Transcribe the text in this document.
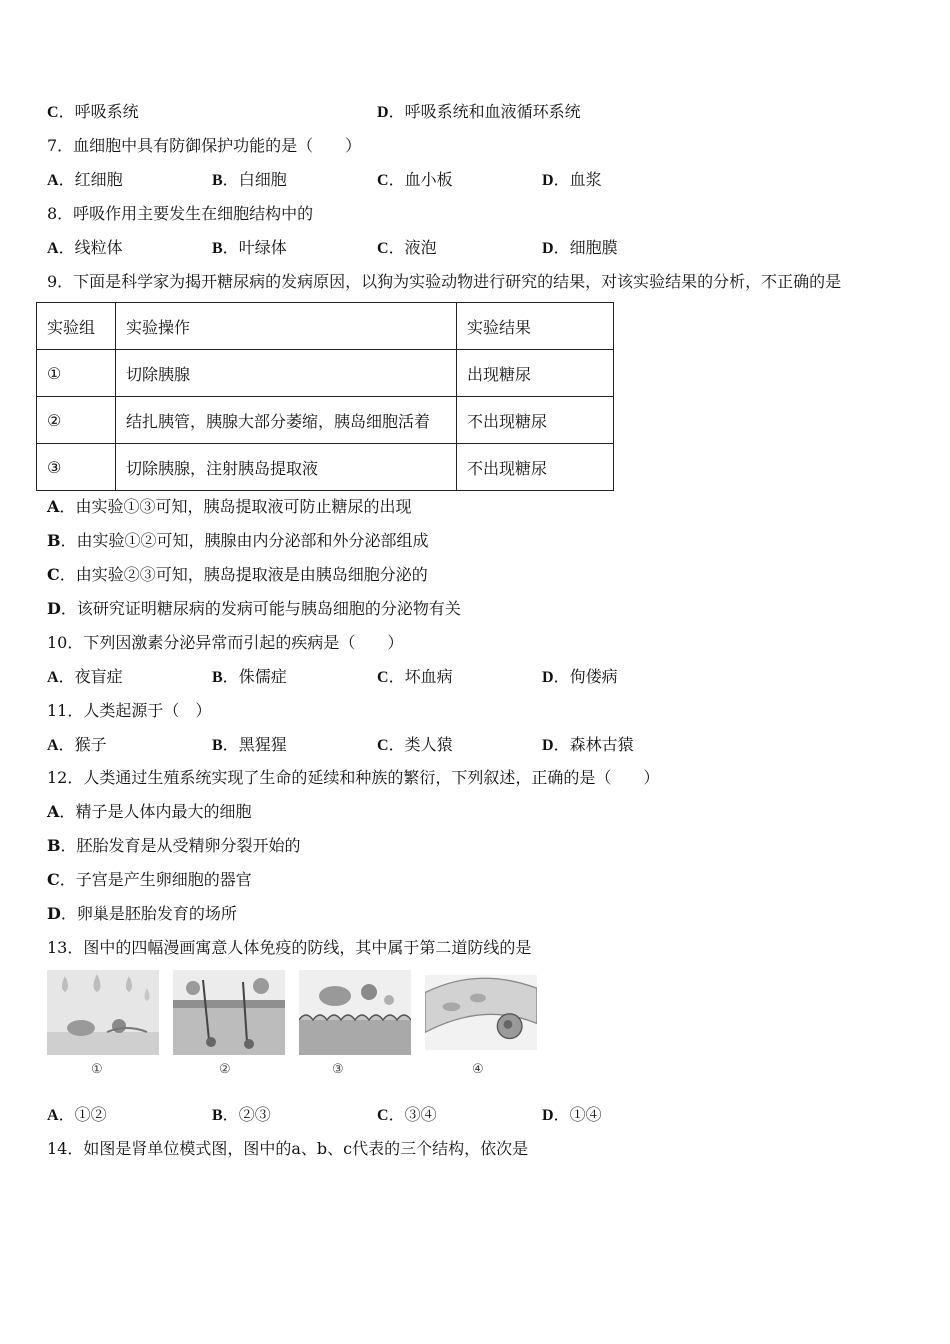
C．呼吸系统	D．呼吸系统和血液循环系统
7．血细胞中具有防御保护功能的是（　　）
A．红细胞	B．白细胞	C．血小板	D．血浆
8．呼吸作用主要发生在细胞结构中的
A．线粒体	B．叶绿体	C．液泡	D．细胞膜
9．下面是科学家为揭开糖尿病的发病原因，以狗为实验动物进行研究的结果，对该实验结果的分析，不正确的是
实验组	实验操作	实验结果
①	切除胰腺	出现糖尿
②	结扎胰管，胰腺大部分萎缩，胰岛细胞活着	不出现糖尿
③	切除胰腺，注射胰岛提取液	不出现糖尿
A．由实验①③可知，胰岛提取液可防止糖尿的出现
B．由实验①②可知，胰腺由内分泌部和外分泌部组成
C．由实验②③可知，胰岛提取液是由胰岛细胞分泌的
D．该研究证明糖尿病的发病可能与胰岛细胞的分泌物有关
10．下列因激素分泌异常而引起的疾病是（　　）
A．夜盲症	B．侏儒症	C．坏血病	D．佝偻病
11．人类起源于（　）
A．猴子	B．黑猩猩	C．类人猿	D．森林古猿
12．人类通过生殖系统实现了生命的延续和种族的繁衍，下列叙述，正确的是（　　）
A．精子是人体内最大的细胞
B．胚胎发育是从受精卵分裂开始的
C．子宫是产生卵细胞的器官
D．卵巢是胚胎发育的场所
13．图中的四幅漫画寓意人体免疫的防线，其中属于第二道防线的是
①	②	③	④
A．①②	B．②③	C．③④	D．①④
14．如图是肾单位模式图，图中的a、b、c代表的三个结构，依次是
